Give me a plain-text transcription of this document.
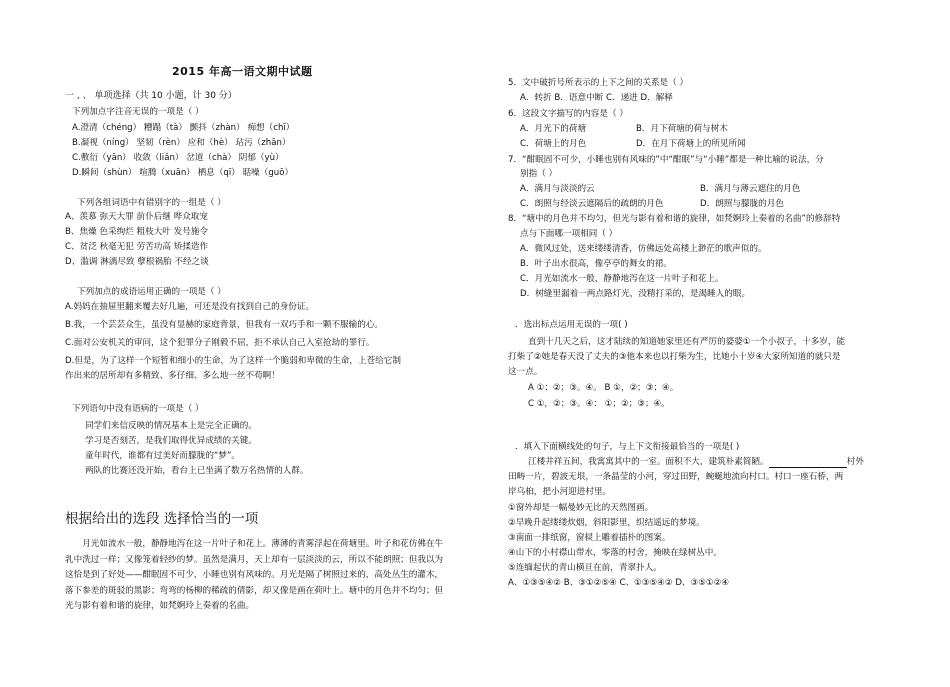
2015 年高一语文期中试题
一 , 、 单项选择（共 10 小题，计 30 分）
下列加点字注音无误的一项是（ ）
A.澄清（chéng） 糟蹋（tà） 颤抖（zhàn） 痴想（chī）
B.凝视（níng） 坚韧（rèn） 应和（hè） 玷污（zhān）
C.敷衍（yān） 收敛（liǎn） 岔道（chà） 阴郁（yù）
D.瞬间（shùn） 喧腾（xuān） 栖息（qī） 聒噪（guō）
下列各组词语中有错别字的一组是（ ）
A、羡慕 弥天大罪 前仆后继 哗众取宠
B、焦燥 色采绚烂 粗枝大叶 发号施令
C、贫泛 秋毫无犯 劳苦功高 矫揉造作
D、滥调 淋漓尽致 孽根祸胎 不经之谈
下列加点的成语运用正确的一项是（ ）
A.妈妈在抽屉里翻来覆去好几遍，可还是没有找到自己的身份证。
B.我，一个芸芸众生，虽没有显赫的家庭背景，但我有一双巧手和一颗不服输的心。
C.面对公安机关的审问，这个犯罪分子刚毅不屈，拒不承认自己入室抢劫的罪行。
D.但是，为了这样一个短暂和细小的生命，为了这样一个脆弱和卑微的生命，上苍给它制
作出来的居所却有多精致、多仔细、多么地一丝不苟啊！
下列语句中没有语病的一项是（ ）
同学们来信反映的情况基本上是完全正确的。
学习是否刻苦，是我们取得优异成绩的关键。
童年时代，谁都有过美好而朦胧的“梦”。
两队的比赛还没开始，看台上已坐满了数万名热情的人群。
根据给出的选段 选择恰当的一项
月光如流水一般，静静地泻在这一片叶子和花上。薄薄的青雾浮起在荷塘里。叶子和花仿佛在牛乳中洗过一样；又像笼着轻纱的梦。虽然是满月，天上却有一层淡淡的云，所以不能朗照；但我以为这恰是到了好处——酣眠固不可少，小睡也别有风味的。月光是隔了树照过来的，高处丛生的灌木，落下参差的斑驳的黑影；弯弯的杨柳的稀疏的倩影，却又像是画在荷叶上。塘中的月色并不均匀；但光与影有着和谐的旋律，如梵婀玲上奏着的名曲。
5．文中破折号所表示的上下之间的关系是（ ）
A．转折 B．语意中断 C．递进 D．解释
6．这段文字描写的内容是（ ）
A．月光下的荷塘	B．月下荷塘的荷与树木
C．荷塘上的月色	D．在月下荷塘上的所见所闻
7．“酣眠固不可少，小睡也别有风味的”中“酣眠”与“小睡”都是一种比喻的说法，分
别指（ ）
A．满月与淡淡的云	B．满月与薄云遮住的月色
C．朗照与经淡云遮隔后的疏朗的月色	D．朗照与朦胧的月色
8．“塘中的月色并不均匀，但光与影有着和谐的旋律，如梵婀玲上奏着的名曲”的修辞特
点与下面哪一项相同（ ）
A．微风过处，送来缕缕清香，仿佛远处高楼上渺茫的歌声似的。
B．叶子出水很高，像亭亭的舞女的裙。
C．月光如流水一般，静静地泻在这一片叶子和花上。
D．树缝里漏着一两点路灯光，没精打采的，是渴睡人的眼。
．选出标点运用无误的一项( )
直到十几天之后，这才陆续的知道她家里还有严厉的婆婆①一个小叔子，十多岁，能
打柴了②她是春天没了丈夫的③他本来也以打柴为生，比她小十岁④大家所知道的就只是
这一点。
A ①；②；③。④。 B ①，②；③；④。
C ①，②；③。④： ①；②；③；④。
．填入下面横线处的句子，与上下文衔接最恰当的一项是( )
江楼井祥五间，我寓寓其中的一室。面积不大，建筑朴素简陋。	村外
田畴一片，碧波无垠，一条晶莹的小河，穿过田野，蜿蜒地流向村口。村口一座石桥，两
岸乌桕，把小河迎进村里。
①窗外却是一幅曼妙无比的天然图画。
②早晚升起缕缕炊烟，斜阳影里，织结遥远的梦境。
③南面一排纸窗，窗棂上雕着插朴的图案。
④山下的小村襟山带水，零落的村舍，掩映在绿树丛中。
⑤连缅起伏的青山横亘在前，青翠扑人。
A、①③⑤④② B、③①②⑤④ C、①③⑤④② D、③⑤①②④
